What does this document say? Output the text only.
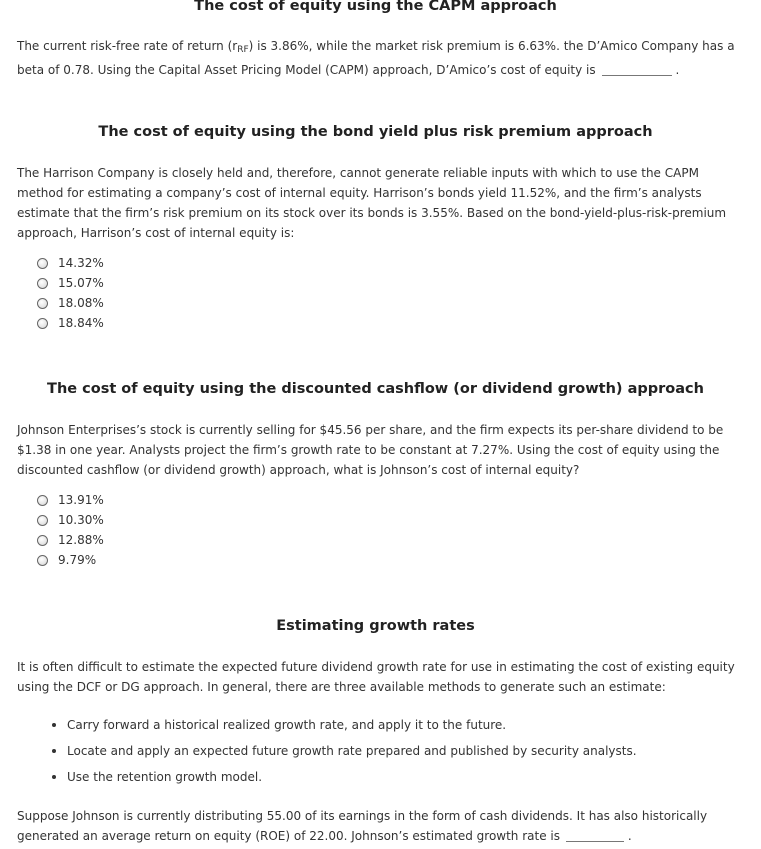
The cost of equity using the CAPM approach

The current risk-free rate of return $(r_{RF})$ is 3.86%, while the market risk premium is 6.63%. the D’Amico Company has a beta of 0.78. Using the Capital Asset Pricing Model (CAPM) approach, D’Amico’s cost of equity is	.

The cost of equity using the bond yield plus risk premium approach

The Harrison Company is closely held and, therefore, cannot generate reliable inputs with which to use the CAPM method for estimating a company’s cost of internal equity. Harrison’s bonds yield 11.52%, and the firm’s analysts estimate that the firm’s risk premium on its stock over its bonds is 3.55%. Based on the bond-yield-plus-risk-premium approach, Harrison’s cost of internal equity is:

14.32%
15.07%
18.08%
18.84%
The cost of equity using the discounted cashflow (or dividend growth) approach

Johnson Enterprises’s stock is currently selling for $45.56 per share, and the firm expects its per-share dividend to be $1.38 in one year. Analysts project the firm’s growth rate to be constant at 7.27%. Using the cost of equity using the discounted cashflow (or dividend growth) approach, what is Johnson’s cost of internal equity?

13.91%
10.30%
12.88%
9.79%
Estimating growth rates

It is often difficult to estimate the expected future dividend growth rate for use in estimating the cost of existing equity using the DCF or DG approach. In general, there are three available methods to generate such an estimate:

Carry forward a historical realized growth rate, and apply it to the future.
Locate and apply an expected future growth rate prepared and published by security analysts.
Use the retention growth model.

Suppose Johnson is currently distributing 55.00 of its earnings in the form of cash dividends. It has also historically generated an average return on equity (ROE) of 22.00. Johnson’s estimated growth rate is	.
